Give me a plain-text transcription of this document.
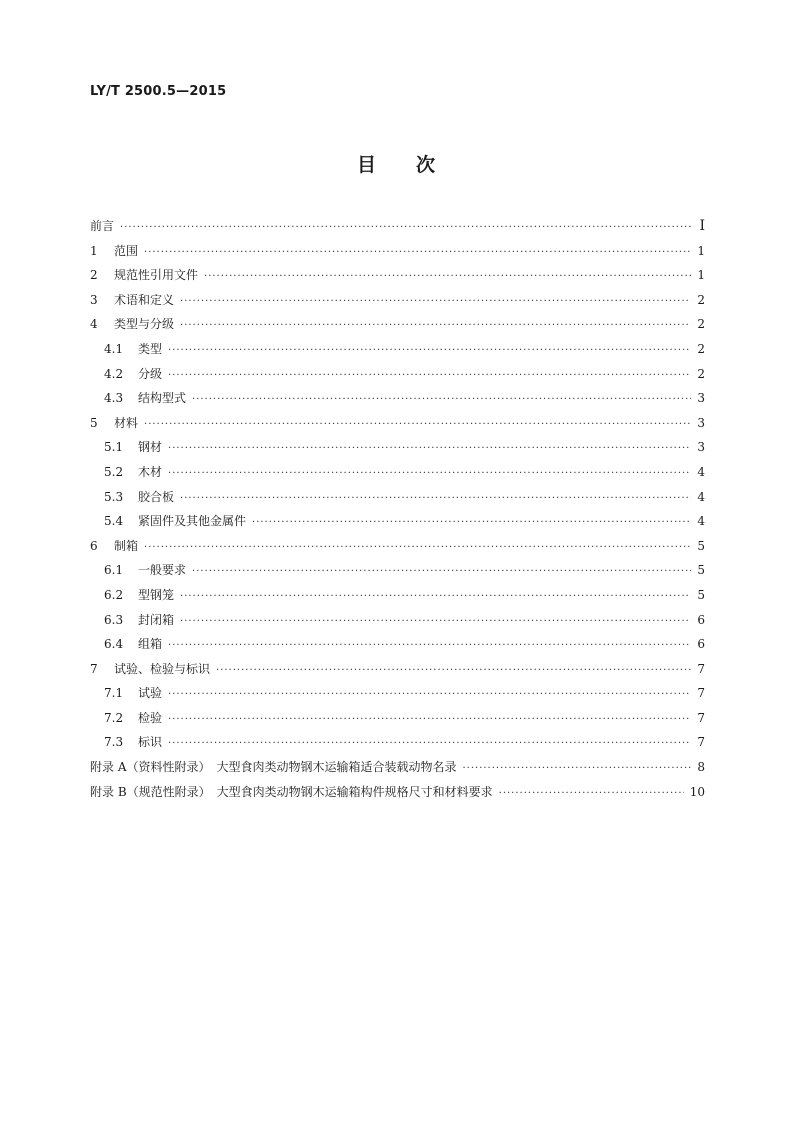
LY/T 2500.5—2015
目 次
前言 ·····	I
1	范围 ·····	1
2	规范性引用文件 ·····	1
3	术语和定义 ·····	2
4	类型与分级 ·····	2
4.1	类型 ·····	2
4.2	分级 ·····	2
4.3	结构型式 ·····	3
5	材料 ·····	3
5.1	钢材 ·····	3
5.2	木材 ·····	4
5.3	胶合板 ·····	4
5.4	紧固件及其他金属件 ·····	4
6	制箱 ·····	5
6.1	一般要求 ·····	5
6.2	型钢笼 ·····	5
6.3	封闭箱 ·····	6
6.4	组箱 ·····	6
7	试验、检验与标识 ·····	7
7.1	试验 ·····	7
7.2	检验 ·····	7
7.3	标识 ·····	7
附录 A（资料性附录）　大型食肉类动物钢木运输箱适合装载动物名录 ·····	8
附录 B（规范性附录）　大型食肉类动物钢木运输箱构件规格尺寸和材料要求 ·····	10
